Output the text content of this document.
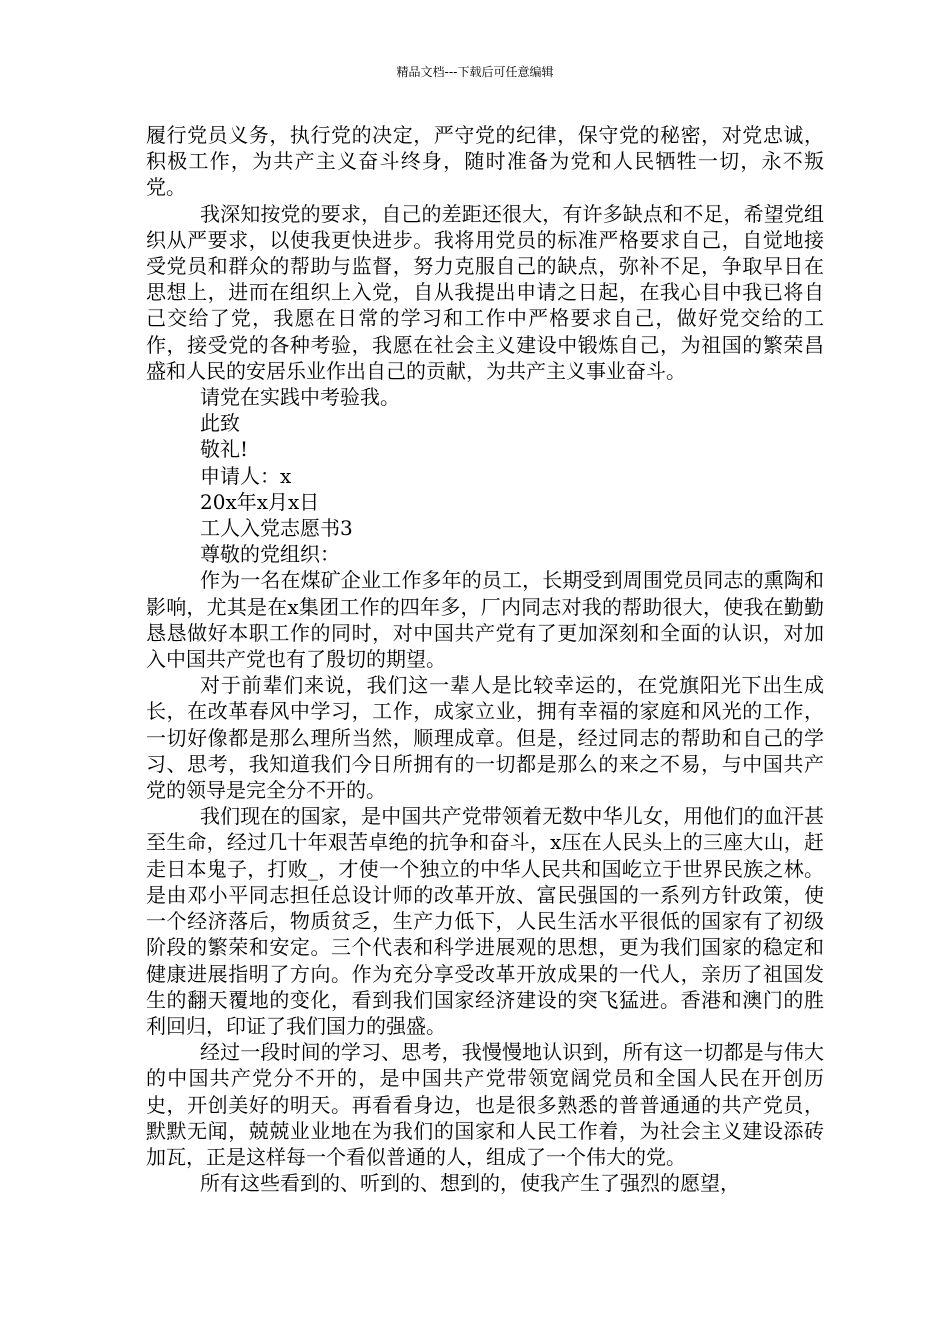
精品文档---下载后可任意编辑

履行党员义务，执行党的决定，严守党的纪律，保守党的秘密，对党忠诚，积极工作，为共产主义奋斗终身，随时准备为党和人民牺牲一切，永不叛党。

我深知按党的要求，自己的差距还很大，有许多缺点和不足，希望党组织从严要求，以使我更快进步。我将用党员的标准严格要求自己，自觉地接受党员和群众的帮助与监督，努力克服自己的缺点，弥补不足，争取早日在思想上，进而在组织上入党，自从我提出申请之日起，在我心目中我已将自己交给了党，我愿在日常的学习和工作中严格要求自己，做好党交给的工作，接受党的各种考验，我愿在社会主义建设中锻炼自己，为祖国的繁荣昌盛和人民的安居乐业作出自己的贡献，为共产主义事业奋斗。

请党在实践中考验我。

此致

敬礼!

申请人：x

20x年x月x日

工人入党志愿书3

尊敬的党组织：

作为一名在煤矿企业工作多年的员工，长期受到周围党员同志的熏陶和影响，尤其是在x集团工作的四年多，厂内同志对我的帮助很大，使我在勤勤恳恳做好本职工作的同时，对中国共产党有了更加深刻和全面的认识，对加入中国共产党也有了殷切的期望。

对于前辈们来说，我们这一辈人是比较幸运的，在党旗阳光下出生成长，在改革春风中学习，工作，成家立业，拥有幸福的家庭和风光的工作，一切好像都是那么理所当然，顺理成章。但是，经过同志的帮助和自己的学习、思考，我知道我们今日所拥有的一切都是那么的来之不易，与中国共产党的领导是完全分不开的。

我们现在的国家，是中国共产党带领着无数中华儿女，用他们的血汗甚至生命，经过几十年艰苦卓绝的抗争和奋斗，x压在人民头上的三座大山，赶走日本鬼子，打败_，才使一个独立的中华人民共和国屹立于世界民族之林。是由邓小平同志担任总设计师的改革开放、富民强国的一系列方针政策，使一个经济落后，物质贫乏，生产力低下，人民生活水平很低的国家有了初级阶段的繁荣和安定。三个代表和科学进展观的思想，更为我们国家的稳定和健康进展指明了方向。作为充分享受改革开放成果的一代人，亲历了祖国发生的翻天覆地的变化，看到我们国家经济建设的突飞猛进。香港和澳门的胜利回归，印证了我们国力的强盛。

经过一段时间的学习、思考，我慢慢地认识到，所有这一切都是与伟大的中国共产党分不开的，是中国共产党带领宽阔党员和全国人民在开创历史，开创美好的明天。再看看身边，也是很多熟悉的普普通通的共产党员，默默无闻，兢兢业业地在为我们的国家和人民工作着，为社会主义建设添砖加瓦，正是这样每一个看似普通的人，组成了一个伟大的党。

所有这些看到的、听到的、想到的，使我产生了强烈的愿望，
